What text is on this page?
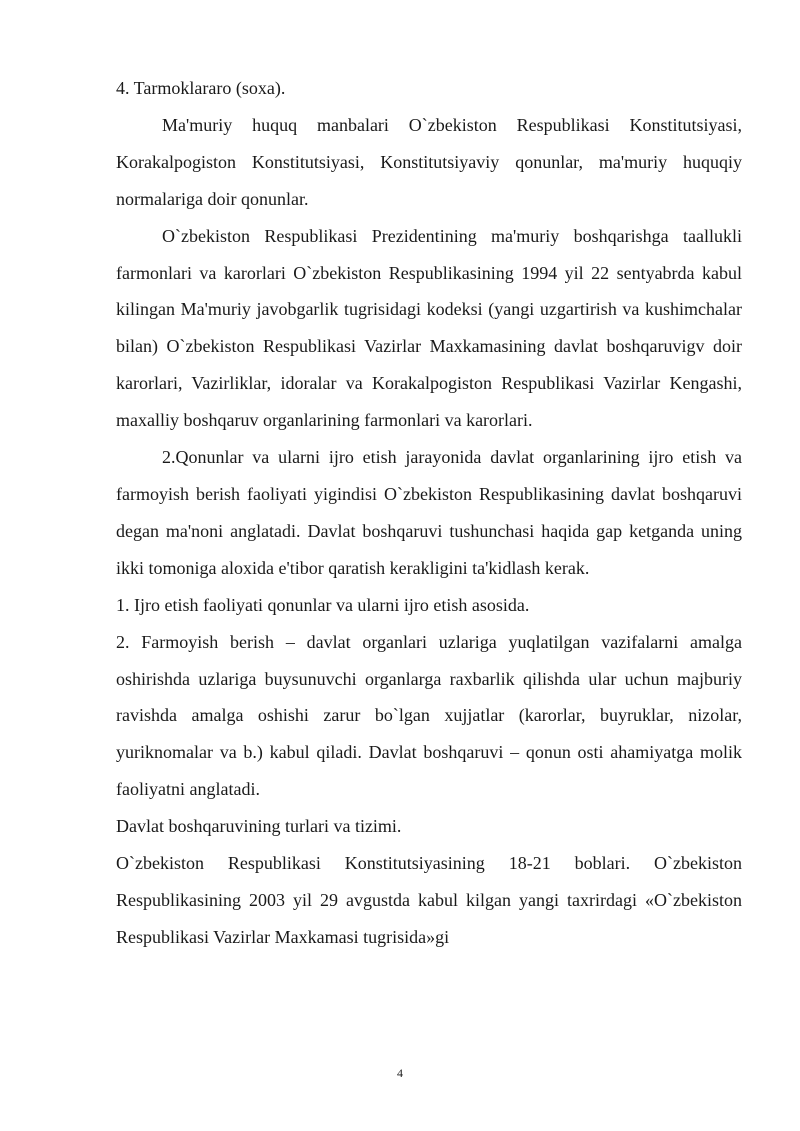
4. Tarmoklararo (soxa).

Ma'muriy huquq manbalari O`zbekiston Respublikasi Konstitutsiyasi, Korakalpogiston Konstitutsiyasi, Konstitutsiyaviy qonunlar, ma'muriy huquqiy normalariga doir qonunlar.

O`zbekiston Respublikasi Prezidentining ma'muriy boshqarishga taallukli farmonlari va karorlari O`zbekiston Respublikasining 1994 yil 22 sentyabrda kabul kilingan Ma'muriy javobgarlik tugrisidagi kodeksi (yangi uzgartirish va kushimchalar bilan) O`zbekiston Respublikasi Vazirlar Maxkamasining davlat boshqaruvigv doir karorlari, Vazirliklar, idoralar va Korakalpogiston Respublikasi Vazirlar Kengashi, maxalliy boshqaruv organlarining farmonlari va karorlari.

2.Qonunlar va ularni ijro etish jarayonida davlat organlarining ijro etish va farmoyish berish faoliyati yigindisi O`zbekiston Respublikasining davlat boshqaruvi degan ma'noni anglatadi. Davlat boshqaruvi tushunchasi haqida gap ketganda uning ikki tomoniga aloxida e'tibor qaratish kerakligini ta'kidlash kerak.

1. Ijro etish faoliyati qonunlar va ularni ijro etish asosida.

2. Farmoyish berish – davlat organlari uzlariga yuqlatilgan vazifalarni amalga oshirishda uzlariga buysunuvchi organlarga raxbarlik qilishda ular uchun majburiy ravishda amalga oshishi zarur bo`lgan xujjatlar (karorlar, buyruklar, nizolar, yuriknomalar va b.) kabul qiladi. Davlat boshqaruvi – qonun osti ahamiyatga molik faoliyatni anglatadi.

Davlat boshqaruvining turlari va tizimi.

O`zbekiston Respublikasi Konstitutsiyasining 18-21 boblari. O`zbekiston Respublikasining 2003 yil 29 avgustda kabul kilgan yangi taxrirdagi «O`zbekiston Respublikasi Vazirlar Maxkamasi tugrisida»gi

4
